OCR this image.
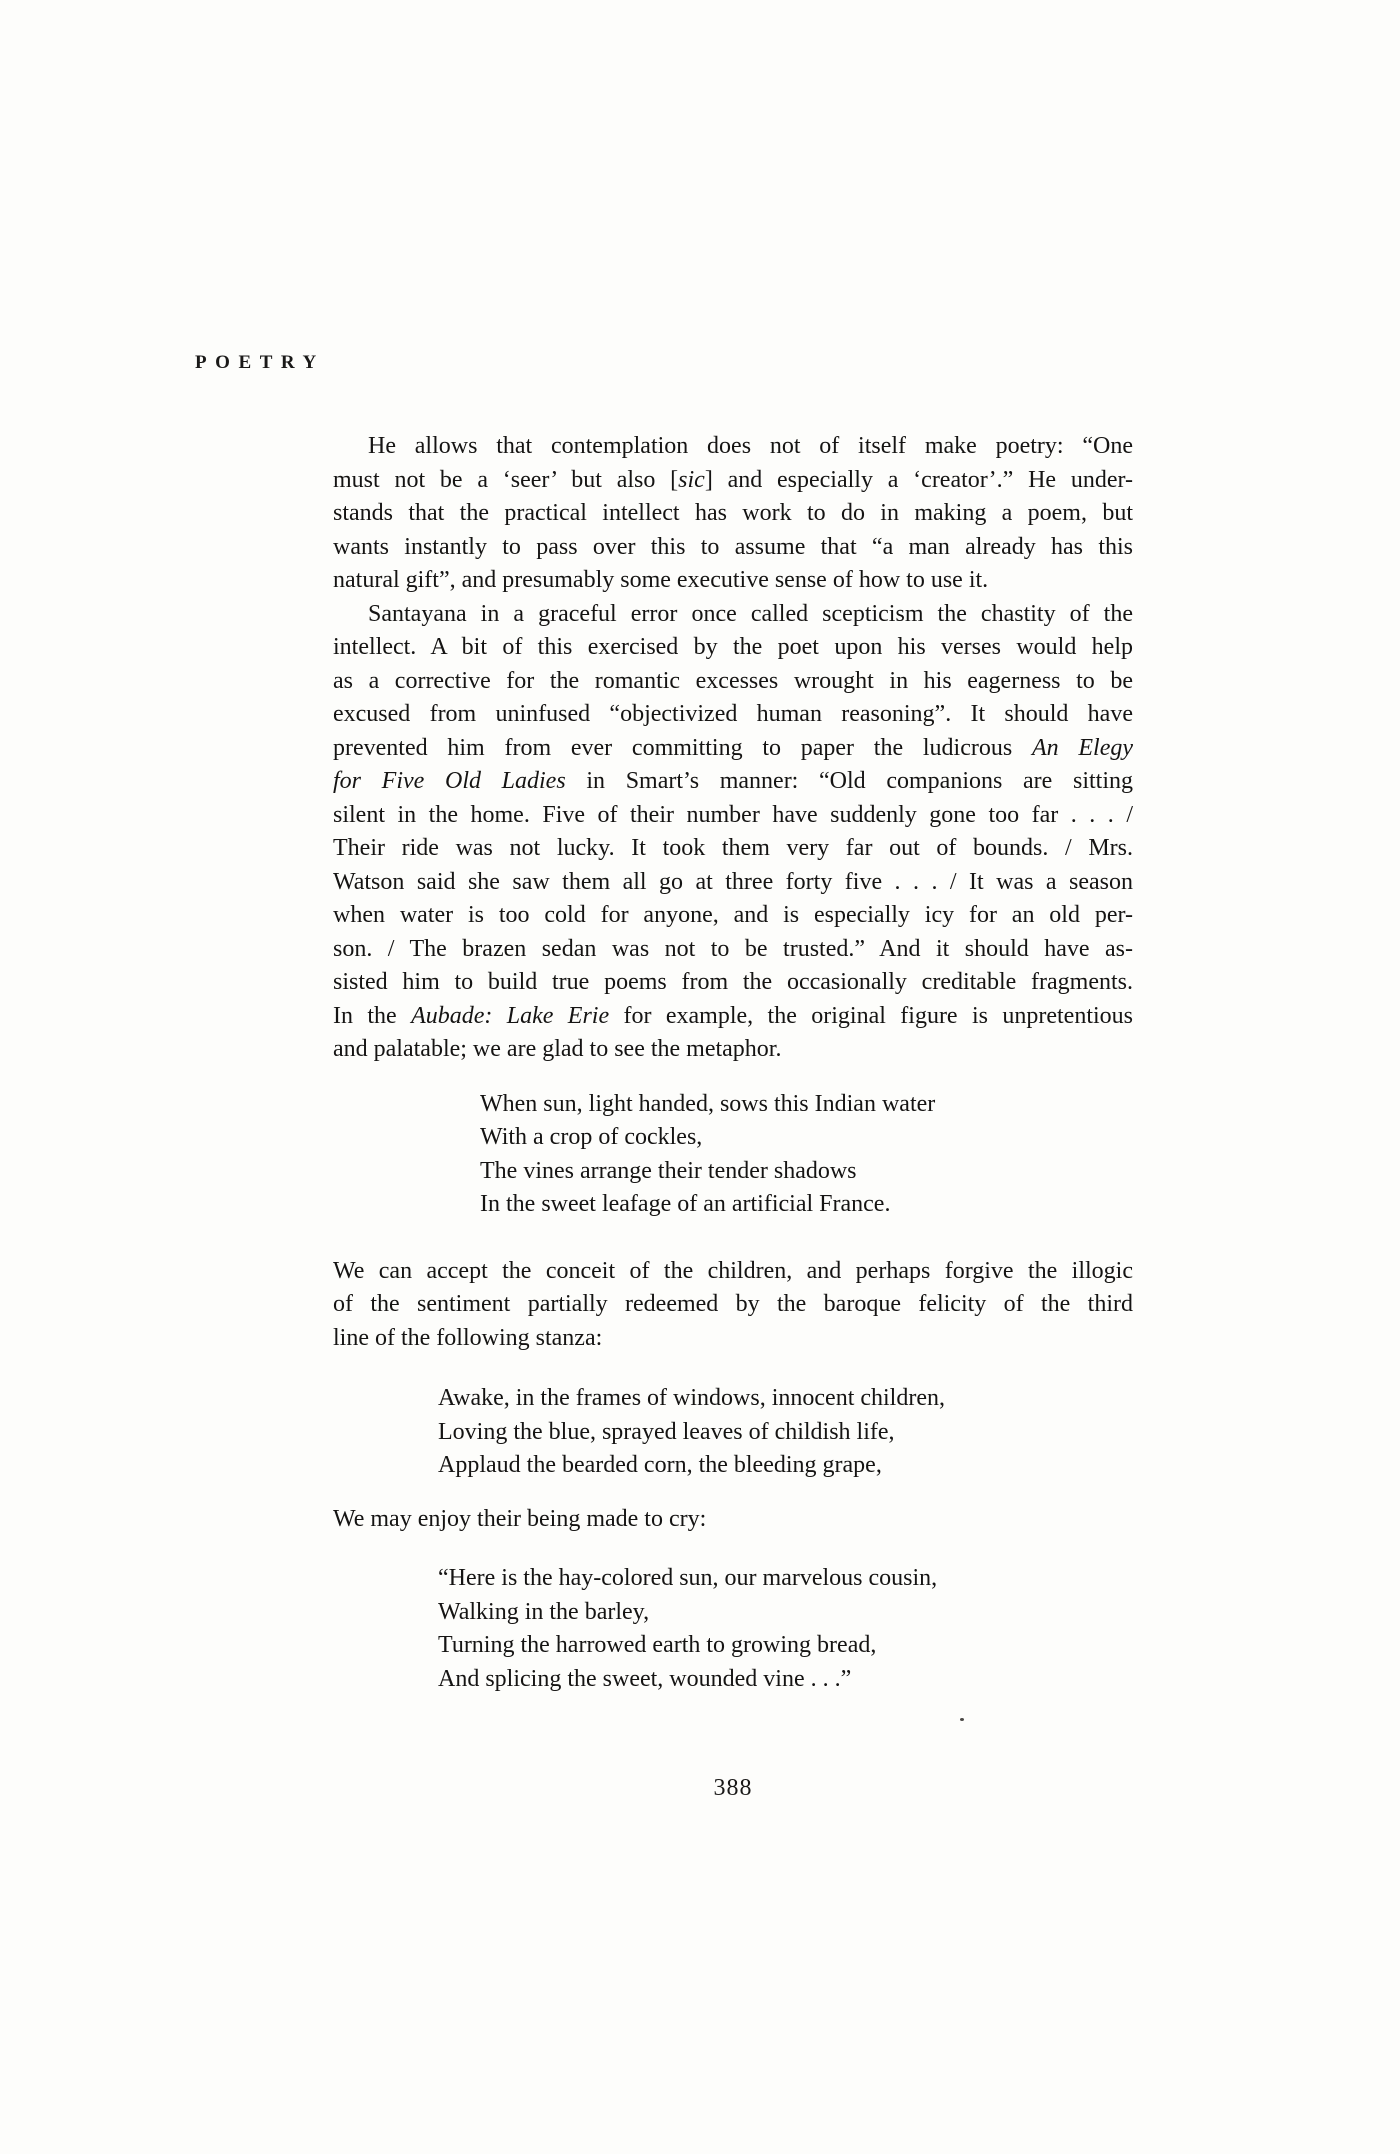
POETRY
He allows that contemplation does not of itself make poetry: “One
must not be a ‘seer’ but also [sic] and especially a ‘creator’.” He under-
stands that the practical intellect has work to do in making a poem, but
wants instantly to pass over this to assume that “a man already has this
natural gift”, and presumably some executive sense of how to use it.
Santayana in a graceful error once called scepticism the chastity of the
intellect. A bit of this exercised by the poet upon his verses would help
as a corrective for the romantic excesses wrought in his eagerness to be
excused from uninfused “objectivized human reasoning”. It should have
prevented him from ever committing to paper the ludicrous An Elegy
for Five Old Ladies in Smart’s manner: “Old companions are sitting
silent in the home. Five of their number have suddenly gone too far . . . /
Their ride was not lucky. It took them very far out of bounds. / Mrs.
Watson said she saw them all go at three forty five . . . / It was a season
when water is too cold for anyone, and is especially icy for an old per-
son. / The brazen sedan was not to be trusted.” And it should have as-
sisted him to build true poems from the occasionally creditable fragments.
In the Aubade: Lake Erie for example, the original figure is unpretentious
and palatable; we are glad to see the metaphor.
When sun, light handed, sows this Indian water
With a crop of cockles,
The vines arrange their tender shadows
In the sweet leafage of an artificial France.
We can accept the conceit of the children, and perhaps forgive the illogic
of the sentiment partially redeemed by the baroque felicity of the third
line of the following stanza:
Awake, in the frames of windows, innocent children,
Loving the blue, sprayed leaves of childish life,
Applaud the bearded corn, the bleeding grape,
We may enjoy their being made to cry:
“Here is the hay-colored sun, our marvelous cousin,
Walking in the barley,
Turning the harrowed earth to growing bread,
And splicing the sweet, wounded vine . . .”
388
